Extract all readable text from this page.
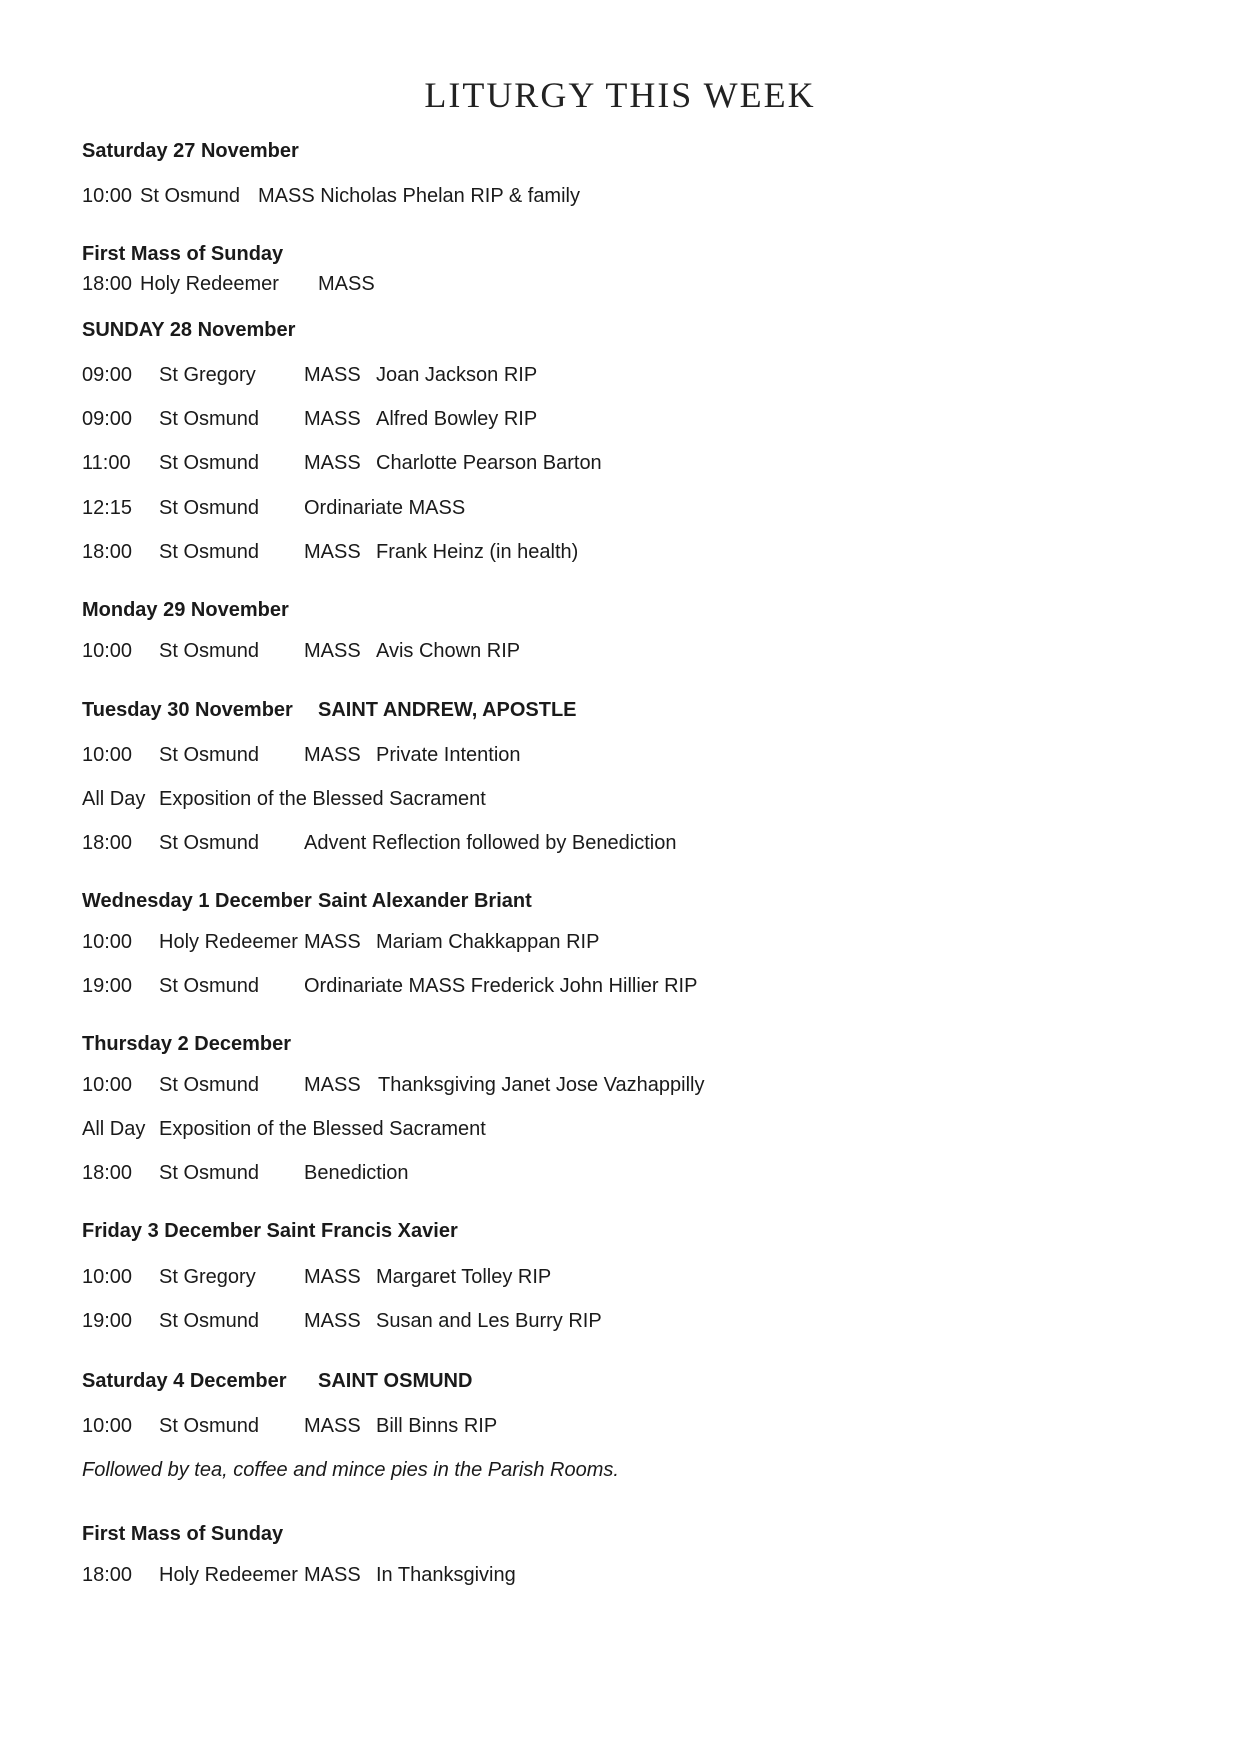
LITURGY THIS WEEK
Saturday 27 November
10:00 St Osmund MASS Nicholas Phelan RIP & family
First Mass of Sunday
18:00 Holy Redeemer MASS
SUNDAY 28 November
09:00 St Gregory MASS Joan Jackson RIP
09:00 St Osmund MASS Alfred Bowley RIP
11:00 St Osmund MASS Charlotte Pearson Barton
12:15 St Osmund Ordinariate MASS
18:00 St Osmund MASS Frank Heinz (in health)
Monday 29 November
10:00 St Osmund MASS Avis Chown RIP
Tuesday 30 November SAINT ANDREW, APOSTLE
10:00 St Osmund MASS Private Intention
All Day Exposition of the Blessed Sacrament
18:00 St Osmund Advent Reflection followed by Benediction
Wednesday 1 December Saint Alexander Briant
10:00 Holy Redeemer MASS Mariam Chakkappan RIP
19:00 St Osmund Ordinariate MASS Frederick John Hillier RIP
Thursday 2 December
10:00 St Osmund MASS Thanksgiving Janet Jose Vazhappilly
All Day Exposition of the Blessed Sacrament
18:00 St Osmund Benediction
Friday 3 December Saint Francis Xavier
10:00 St Gregory MASS Margaret Tolley RIP
19:00 St Osmund MASS Susan and Les Burry RIP
Saturday 4 December SAINT OSMUND
10:00 St Osmund MASS Bill Binns RIP
Followed by tea, coffee and mince pies in the Parish Rooms.
First Mass of Sunday
18:00 Holy Redeemer MASS In Thanksgiving
